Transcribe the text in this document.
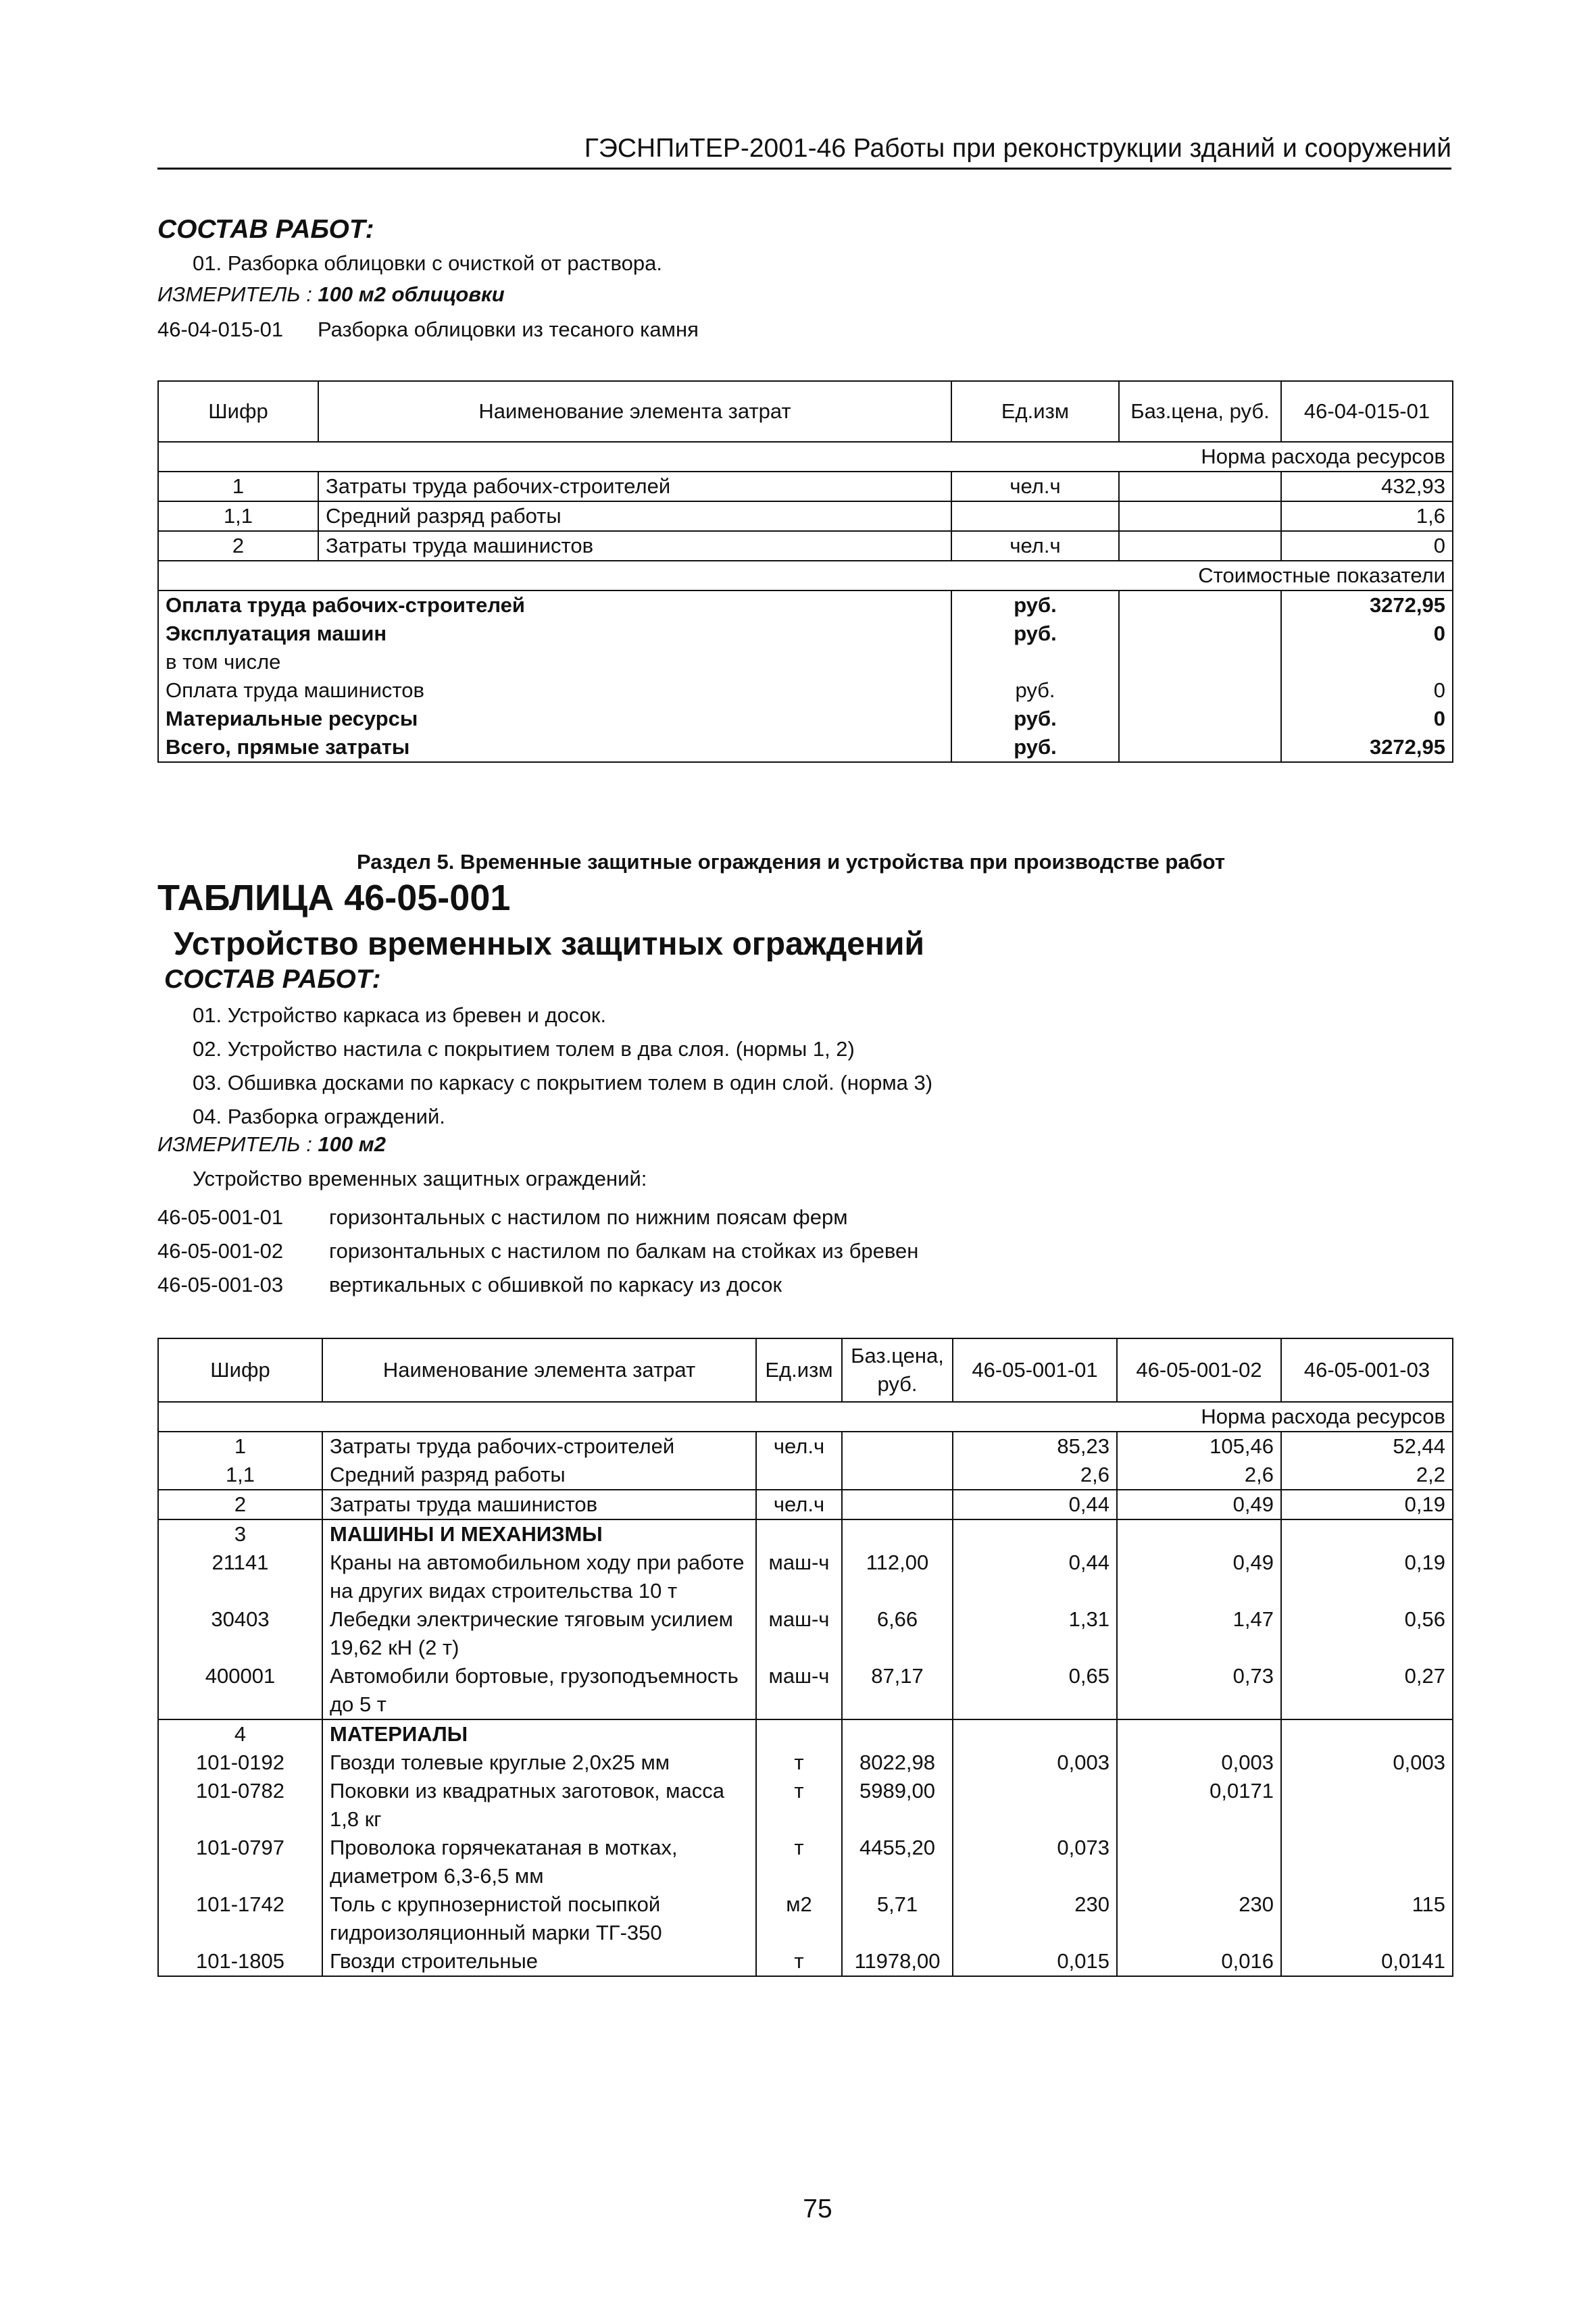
ГЭСНПиТЕР-2001-46 Работы при реконструкции зданий и сооружений
СОСТАВ РАБОТ:
01. Разборка облицовки с очисткой от раствора.
ИЗМЕРИТЕЛЬ : 100 м2 облицовки
46-04-015-01 Разборка облицовки из тесаного камня
Шифр	Наименование элемента затрат	Ед.изм	Баз.цена, руб.	46-04-015-01
Норма расхода ресурсов				
1	Затраты труда рабочих-строителей	чел.ч		432,93
1,1	Средний разряд работы			1,6
2	Затраты труда машинистов	чел.ч		0
Стоимостные показатели				
Оплата труда рабочих-строителей		руб.		3272,95
Эксплуатация машин		руб.		0
в том числе				
Оплата труда машинистов		руб.		0
Материальные ресурсы		руб.		0
Всего, прямые затраты		руб.		3272,95
Раздел 5. Временные защитные ограждения и устройства при производстве работ
ТАБЛИЦА 46-05-001
Устройство временных защитных ограждений
СОСТАВ РАБОТ:
01. Устройство каркаса из бревен и досок.
02. Устройство настила с покрытием толем в два слоя. (нормы 1, 2)
03. Обшивка досками по каркасу с покрытием толем в один слой. (норма 3)
04. Разборка ограждений.
ИЗМЕРИТЕЛЬ : 100 м2
Устройство временных защитных ограждений:
46-05-001-01	горизонтальных с настилом по нижним поясам ферм
46-05-001-02	горизонтальных с настилом по балкам на стойках из бревен
46-05-001-03	вертикальных с обшивкой по каркасу из досок
Шифр	Наименование элемента затрат	Ед.изм	Баз.цена, руб.	46-05-001-01	46-05-001-02	46-05-001-03
Норма расхода ресурсов						
1	Затраты труда рабочих-строителей	чел.ч		85,23	105,46	52,44
1,1	Средний разряд работы			2,6	2,6	2,2
2	Затраты труда машинистов	чел.ч		0,44	0,49	0,19
3	МАШИНЫ И МЕХАНИЗМЫ					
21141	Краны на автомобильном ходу при работе на других видах строительства 10 т	маш-ч	112,00	0,44	0,49	0,19
30403	Лебедки электрические тяговым усилием 19,62 кН (2 т)	маш-ч	6,66	1,31	1,47	0,56
400001	Автомобили бортовые, грузоподъемность до 5 т	маш-ч	87,17	0,65	0,73	0,27
4	МАТЕРИАЛЫ					
101-0192	Гвозди толевые круглые 2,0x25 мм	т	8022,98	0,003	0,003	0,003
101-0782	Поковки из квадратных заготовок, масса 1,8 кг	т	5989,00		0,0171	
101-0797	Проволока горячекатаная в мотках, диаметром 6,3-6,5 мм	т	4455,20	0,073		
101-1742	Толь с крупнозернистой посыпкой гидроизоляционный марки ТГ-350	м2	5,71	230	230	115
101-1805	Гвозди строительные	т	11978,00	0,015	0,016	0,0141
75
